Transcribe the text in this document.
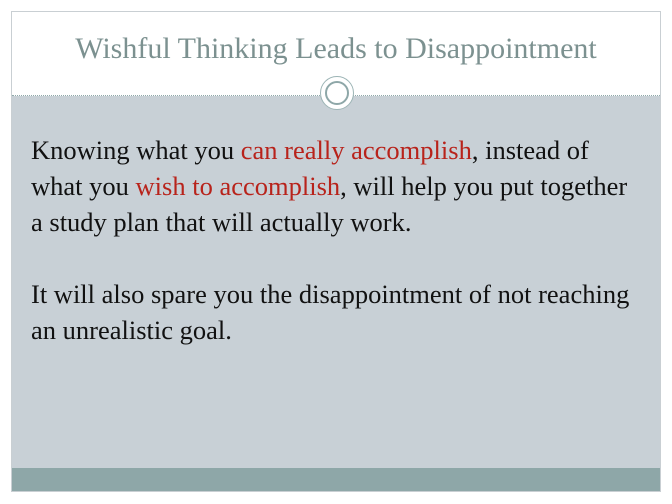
Wishful Thinking Leads to Disappointment

Knowing what you can really accomplish, instead of what you wish to accomplish, will help you put together a study plan that will actually work.

It will also spare you the disappointment of not reaching an unrealistic goal.
